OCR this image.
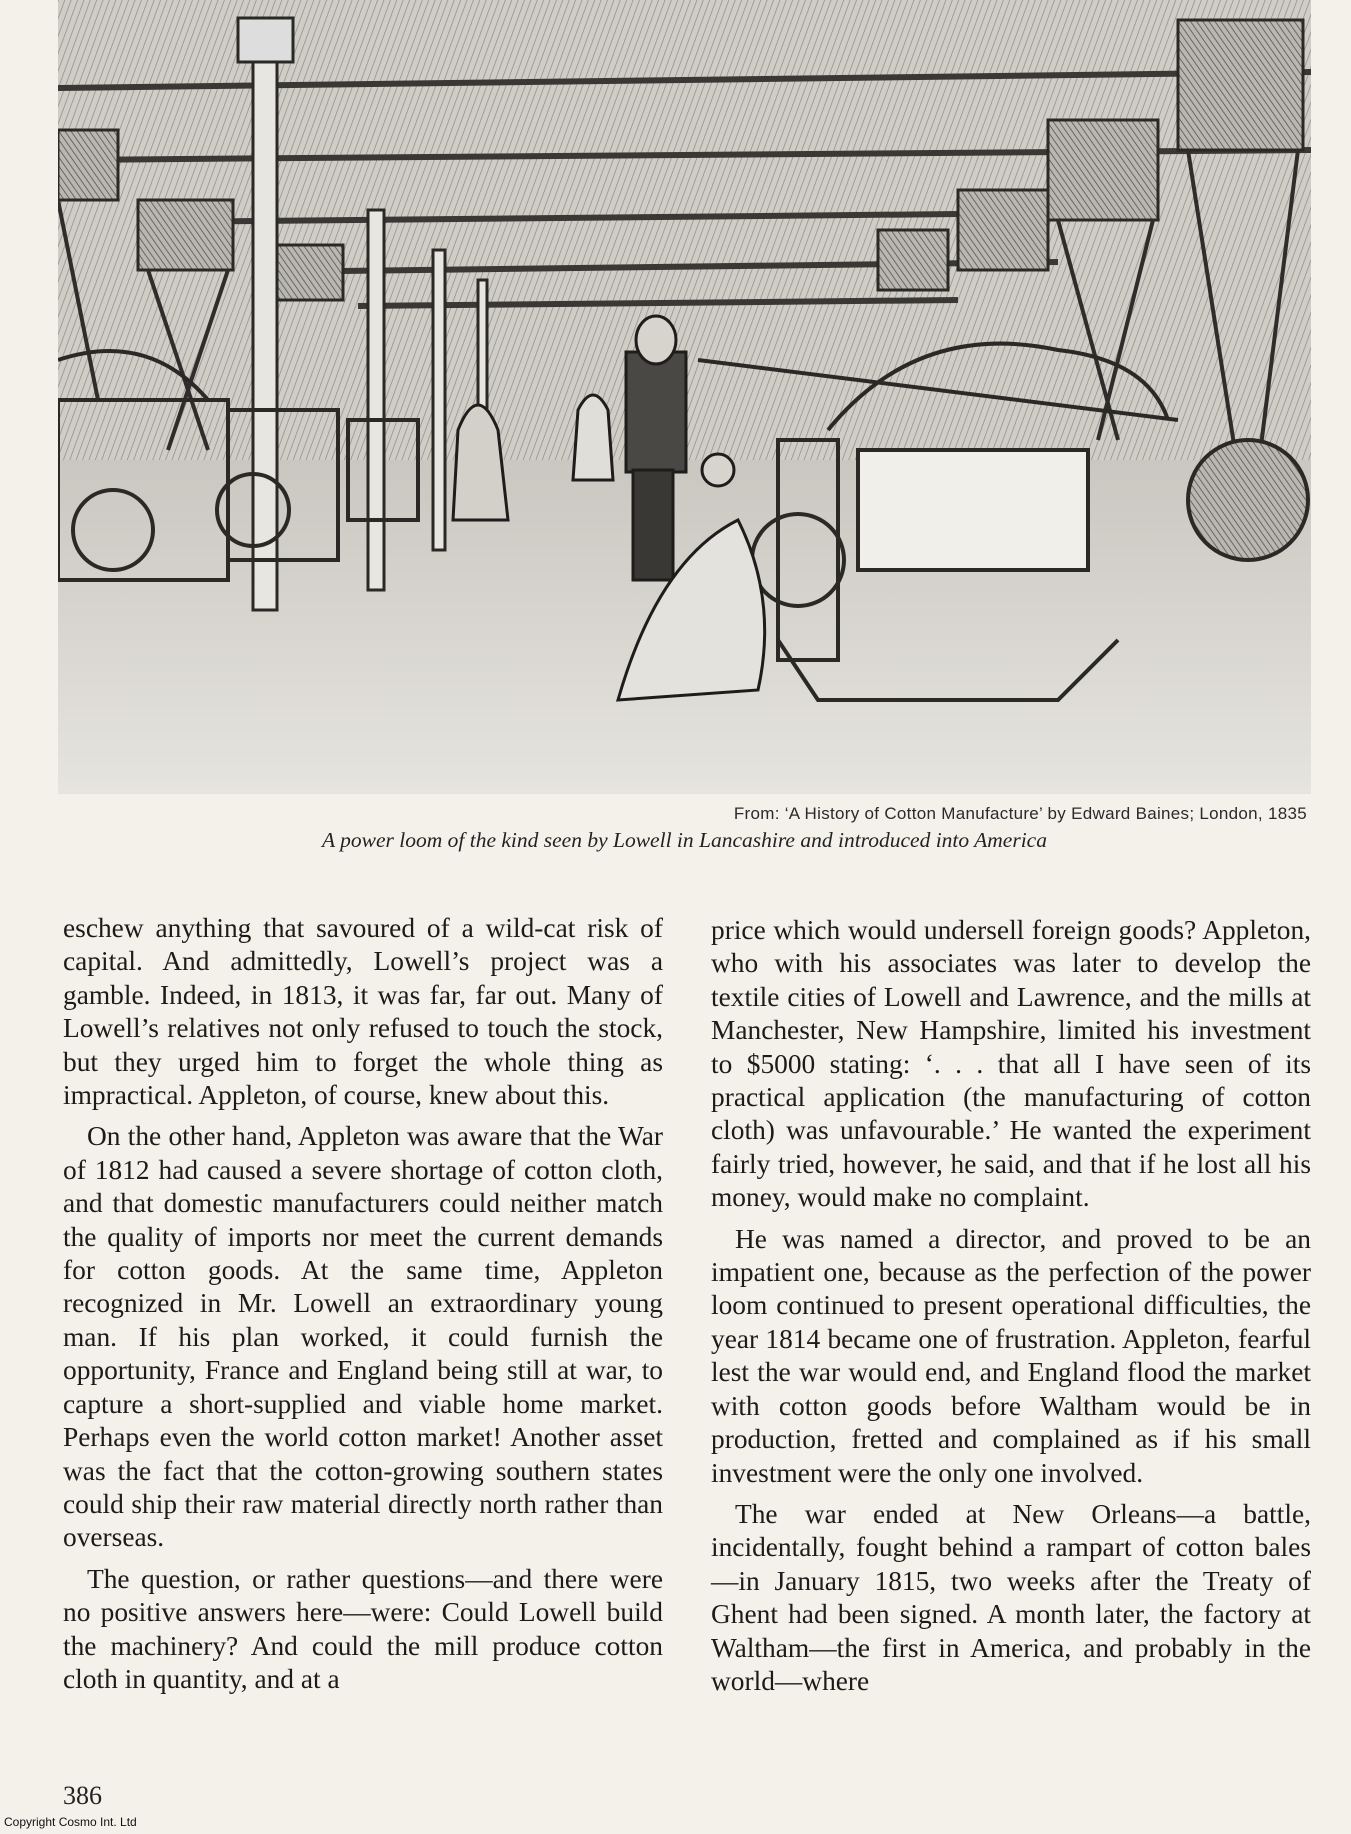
From: ‘A History of Cotton Manufacture’ by Edward Baines; London, 1835
A power loom of the kind seen by Lowell in Lancashire and introduced into America

eschew anything that savoured of a wild-cat risk of capital. And admittedly, Lowell’s project was a gamble. Indeed, in 1813, it was far, far out. Many of Lowell’s relatives not only refused to touch the stock, but they urged him to forget the whole thing as impractical. Appleton, of course, knew about this.

On the other hand, Appleton was aware that the War of 1812 had caused a severe shortage of cotton cloth, and that domestic manufacturers could neither match the quality of imports nor meet the current demands for cotton goods. At the same time, Appleton recognized in Mr. Lowell an extraordinary young man. If his plan worked, it could furnish the opportunity, France and England being still at war, to capture a short-supplied and viable home market. Perhaps even the world cotton market! Another asset was the fact that the cotton-growing southern states could ship their raw material directly north rather than overseas.

The question, or rather questions—and there were no positive answers here—were: Could Lowell build the machinery? And could the mill produce cotton cloth in quantity, and at a

price which would undersell foreign goods? Appleton, who with his associates was later to develop the textile cities of Lowell and Lawrence, and the mills at Manchester, New Hampshire, limited his investment to $5000 stating: ‘. . . that all I have seen of its practical application (the manufacturing of cotton cloth) was unfavourable.’ He wanted the experiment fairly tried, however, he said, and that if he lost all his money, would make no complaint.

He was named a director, and proved to be an impatient one, because as the perfection of the power loom continued to present operational difficulties, the year 1814 became one of frustration. Appleton, fearful lest the war would end, and England flood the market with cotton goods before Waltham would be in production, fretted and complained as if his small investment were the only one involved.

The war ended at New Orleans—a battle, incidentally, fought behind a rampart of cotton bales—in January 1815, two weeks after the Treaty of Ghent had been signed. A month later, the factory at Waltham—the first in America, and probably in the world—where

386
Copyright Cosmo Int. Ltd
